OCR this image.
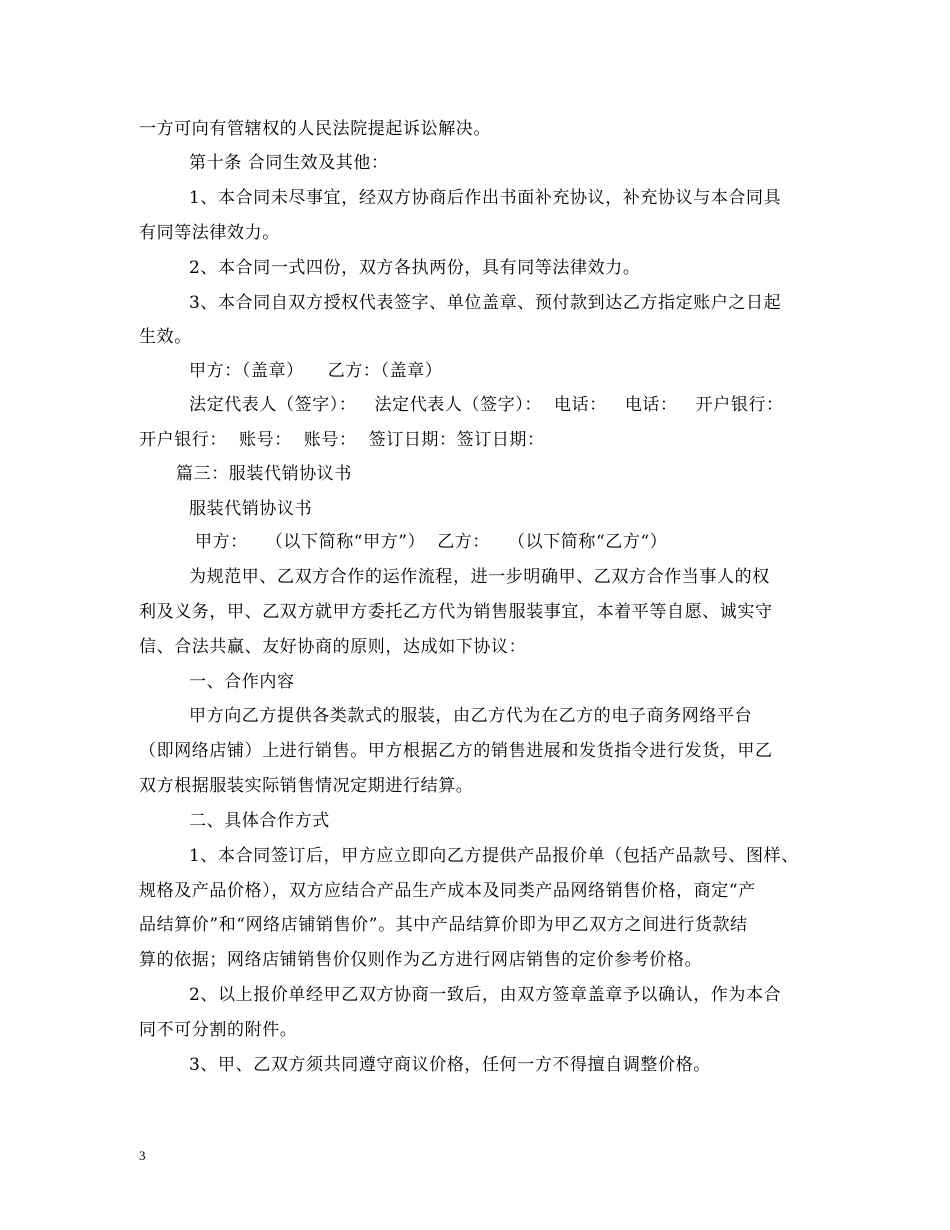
一方可向有管辖权的人民法院提起诉讼解决。
第十条 合同生效及其他：
1、本合同未尽事宜，经双方协商后作出书面补充协议，补充协议与本合同具
有同等法律效力。
2、本合同一式四份，双方各执两份，具有同等法律效力。
3、本合同自双方授权代表签字、单位盖章、预付款到达乙方指定账户之日起
生效。
甲方：（盖章）    乙方：（盖章）
法定代表人（签字）：   法定代表人（签字）：  电话：   电话：   开户银行：
开户银行：  账号：  账号：  签订日期：签订日期：
篇三：服装代销协议书
服装代销协议书
甲方：   （以下简称“甲方”）  乙方：   （以下简称“乙方“）
为规范甲、乙双方合作的运作流程，进一步明确甲、乙双方合作当事人的权
利及义务，甲、乙双方就甲方委托乙方代为销售服装事宜，本着平等自愿、诚实守
信、合法共赢、友好协商的原则，达成如下协议：
一、合作内容
甲方向乙方提供各类款式的服装，由乙方代为在乙方的电子商务网络平台
（即网络店铺）上进行销售。甲方根据乙方的销售进展和发货指令进行发货，甲乙
双方根据服装实际销售情况定期进行结算。
二、具体合作方式
1、本合同签订后，甲方应立即向乙方提供产品报价单（包括产品款号、图样、
规格及产品价格），双方应结合产品生产成本及同类产品网络销售价格，商定“产
品结算价”和“网络店铺销售价”。其中产品结算价即为甲乙双方之间进行货款结
算的依据；网络店铺销售价仅则作为乙方进行网店销售的定价参考价格。
2、以上报价单经甲乙双方协商一致后，由双方签章盖章予以确认，作为本合
同不可分割的附件。
3、甲、乙双方须共同遵守商议价格，任何一方不得擅自调整价格。
3
